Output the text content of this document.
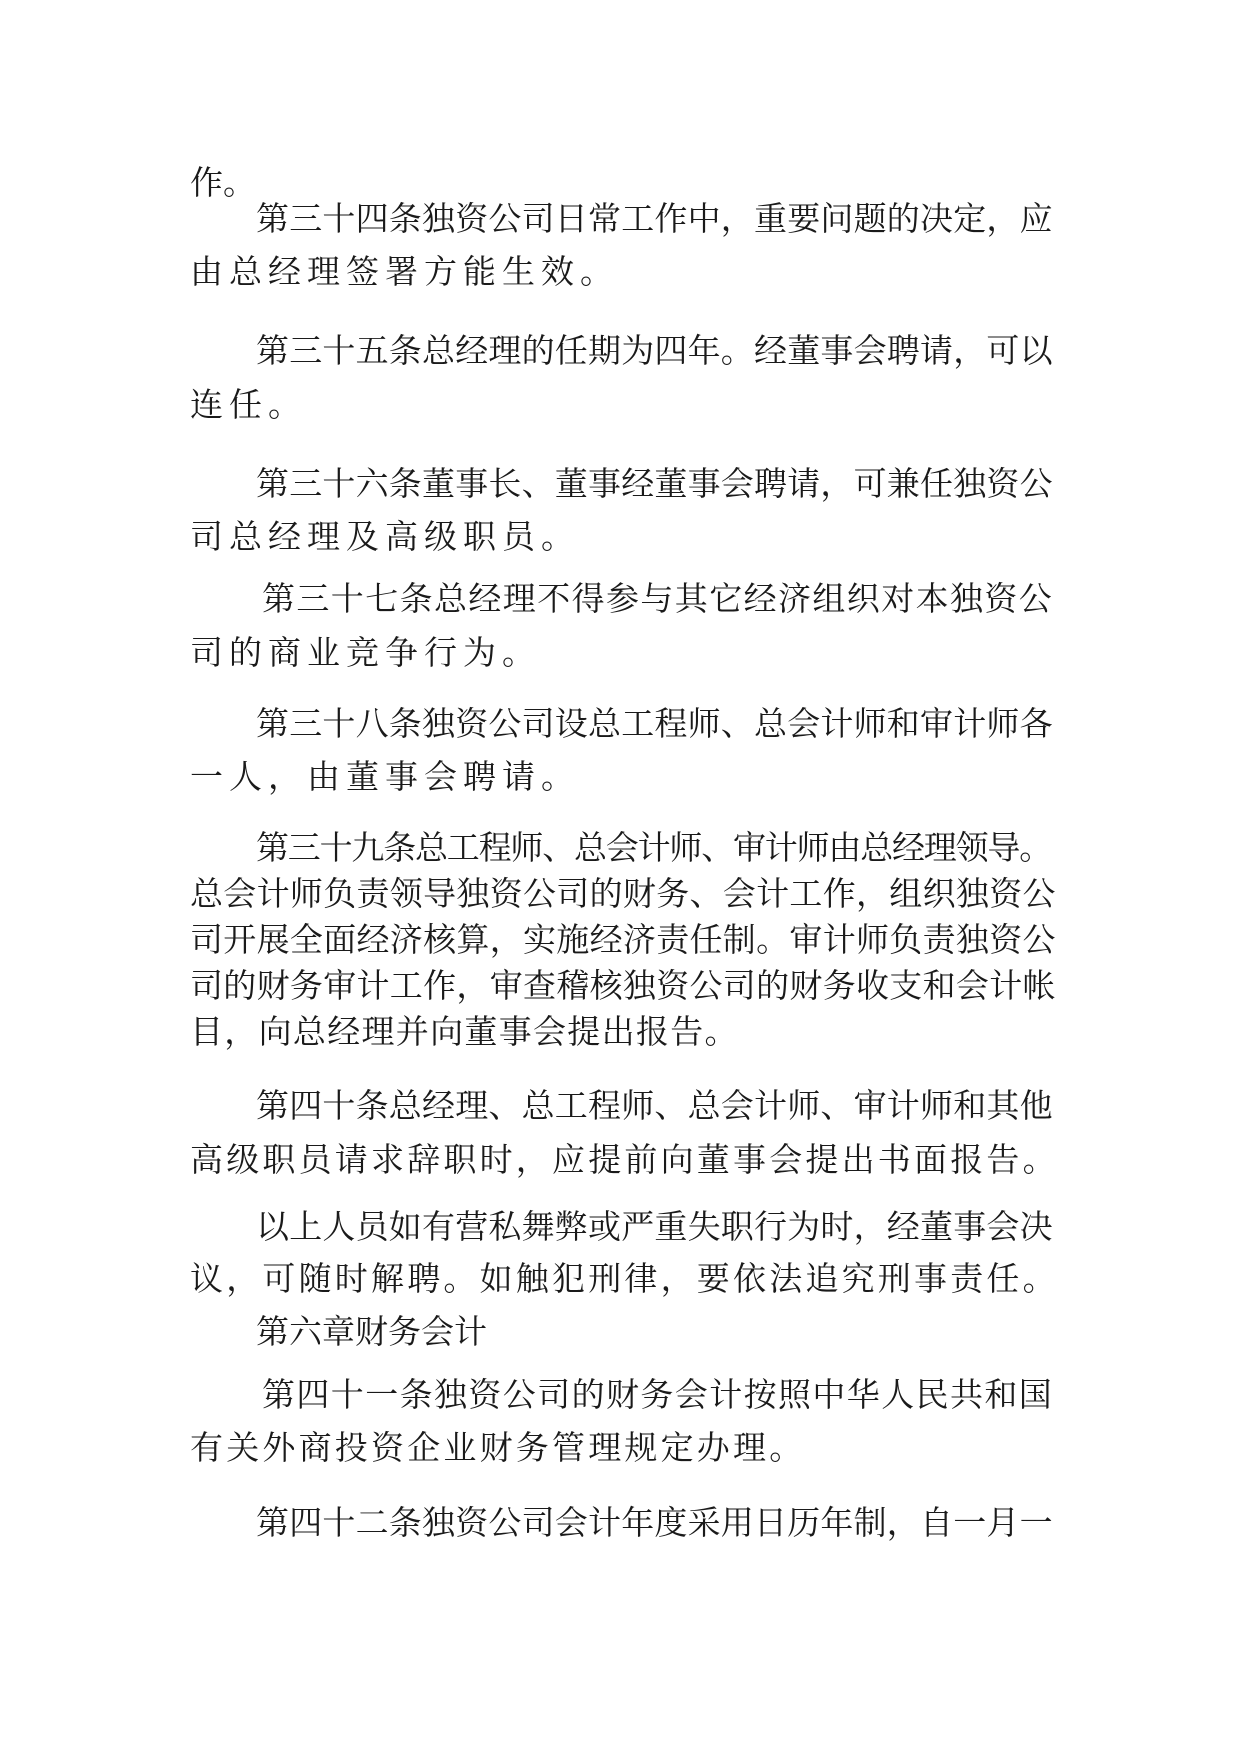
作。
第三十四条独资公司日常工作中，重要问题的决定，应
由总经理签署方能生效。
第三十五条总经理的任期为四年。经董事会聘请，可以
连任。
第三十六条董事长、董事经董事会聘请，可兼任独资公
司总经理及高级职员。
第三十七条总经理不得参与其它经济组织对本独资公
司的商业竞争行为。
第三十八条独资公司设总工程师、总会计师和审计师各
一人，由董事会聘请。
第三十九条总工程师、总会计师、审计师由总经理领导。
总会计师负责领导独资公司的财务、会计工作，组织独资公
司开展全面经济核算，实施经济责任制。审计师负责独资公
司的财务审计工作，审查稽核独资公司的财务收支和会计帐
目，向总经理并向董事会提出报告。
第四十条总经理、总工程师、总会计师、审计师和其他
高级职员请求辞职时，应提前向董事会提出书面报告。
以上人员如有营私舞弊或严重失职行为时，经董事会决
议，可随时解聘。如触犯刑律，要依法追究刑事责任。
第六章财务会计
第四十一条独资公司的财务会计按照中华人民共和国
有关外商投资企业财务管理规定办理。
第四十二条独资公司会计年度采用日历年制，自一月一
